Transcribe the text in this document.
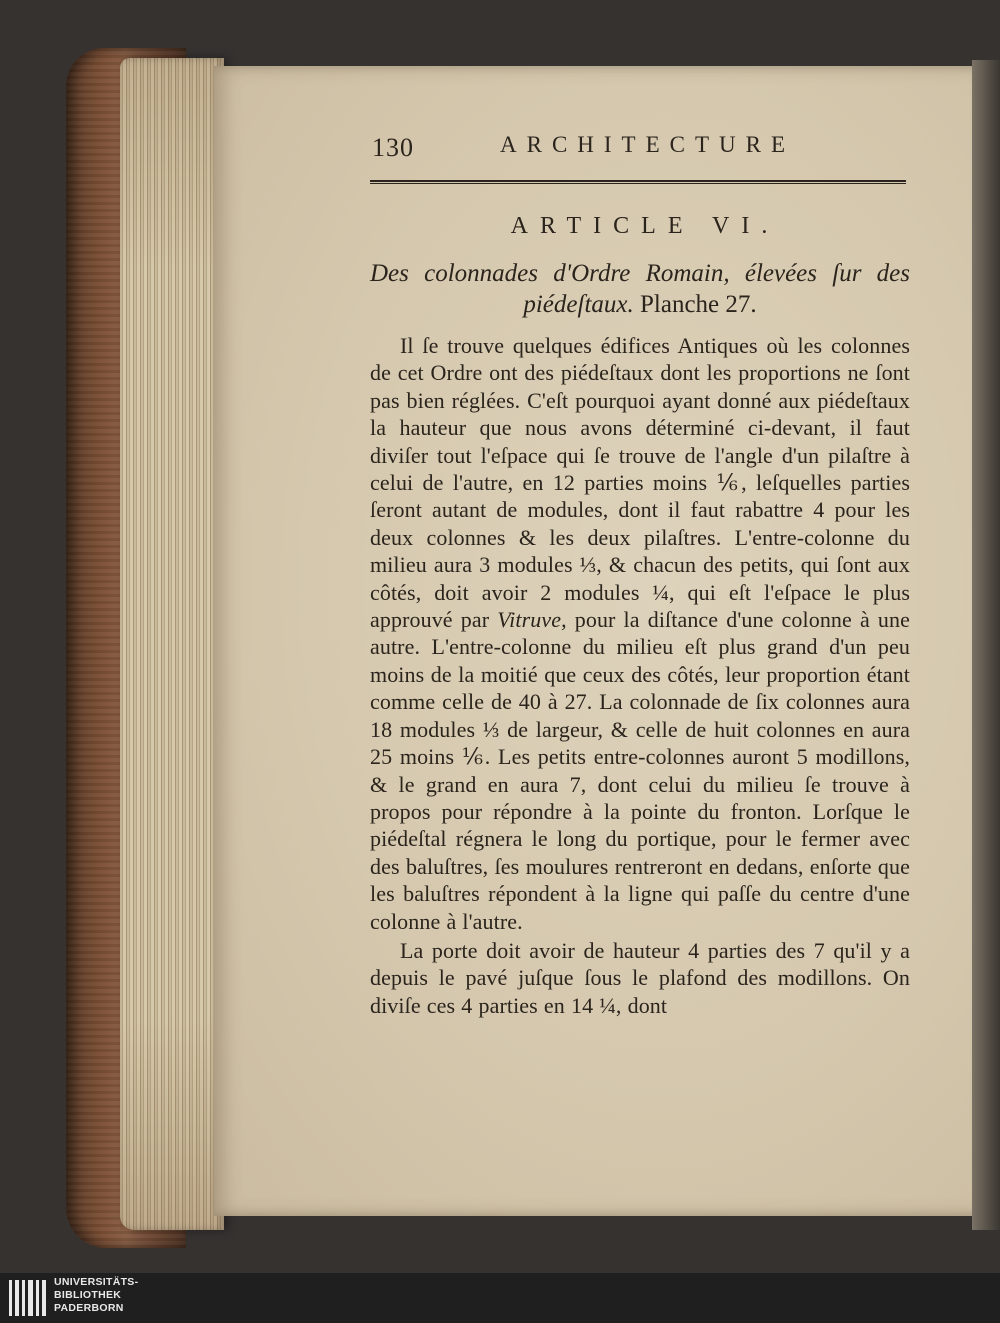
130	ARCHITECTURE
ARTICLE VI.
Des colonnades d'Ordre Romain, élevées ſur des piédeſtaux. Planche 27.

Il ſe trouve quelques édifices Antiques où les colonnes de cet Ordre ont des piédeſtaux dont les proportions ne ſont pas bien réglées. C'eſt pourquoi ayant donné aux piédeſtaux la hauteur que nous avons déterminé ci-devant, il faut diviſer tout l'eſpace qui ſe trouve de l'angle d'un pilaſtre à celui de l'autre, en 12 parties moins ⅙, leſquelles parties ſeront autant de modules, dont il faut rabattre 4 pour les deux colonnes & les deux pilaſtres. L'entre-colonne du milieu aura 3 modules ⅓, & chacun des petits, qui ſont aux côtés, doit avoir 2 modules ¼, qui eſt l'eſpace le plus approuvé par Vitruve, pour la diſtance d'une colonne à une autre. L'entre-colonne du milieu eſt plus grand d'un peu moins de la moitié que ceux des côtés, leur proportion étant comme celle de 40 à 27. La colonnade de ſix colonnes aura 18 modules ⅓ de largeur, & celle de huit colonnes en aura 25 moins ⅙. Les petits entre-colonnes auront 5 modillons, & le grand en aura 7, dont celui du milieu ſe trouve à propos pour répondre à la pointe du fronton. Lorſque le piédeſtal régnera le long du portique, pour le fermer avec des baluſtres, ſes moulures rentreront en dedans, enſorte que les baluſtres répondent à la ligne qui paſſe du centre d'une colonne à l'autre.

La porte doit avoir de hauteur 4 parties des 7 qu'il y a depuis le pavé juſque ſous le plafond des modillons. On diviſe ces 4 parties en 14 ¼, dont

UNIVERSITÄTS-
BIBLIOTHEK
PADERBORN
